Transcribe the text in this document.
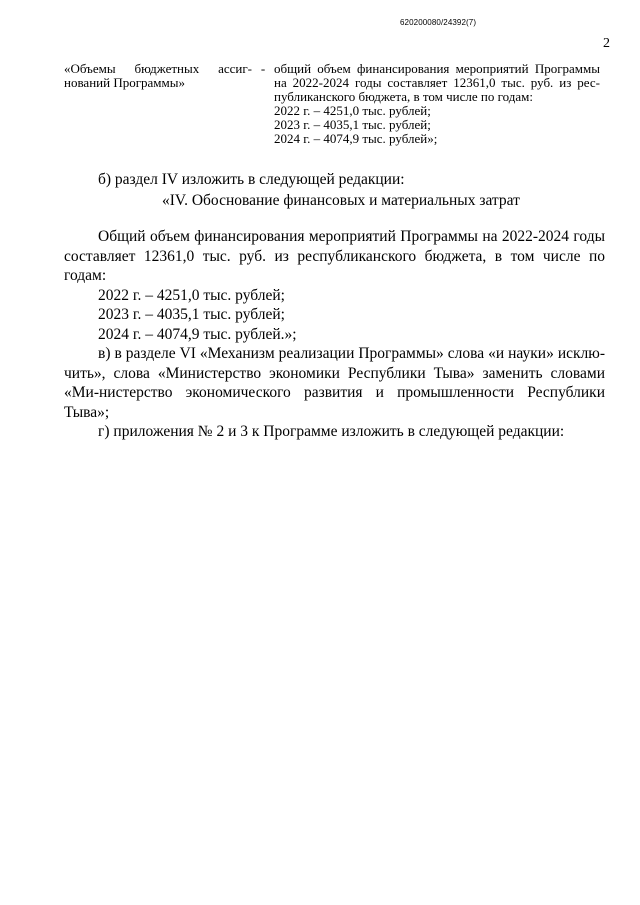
620200080/24392(7)
2
«Объемы бюджетных ассиг-нований Программы»
- общий объем финансирования мероприятий Программы на 2022-2024 годы составляет 12361,0 тыс. руб. из рес-публиканского бюджета, в том числе по годам:
2022 г. – 4251,0 тыс. рублей;
2023 г. – 4035,1 тыс. рублей;
2024 г. – 4074,9 тыс. рублей»;

б) раздел IV изложить в следующей редакции:

«IV. Обоснование финансовых и материальных затрат

Общий объем финансирования мероприятий Программы на 2022-2024 годы составляет 12361,0 тыс. руб. из республиканского бюджета, в том числе по годам:

2022 г. – 4251,0 тыс. рублей;

2023 г. – 4035,1 тыс. рублей;

2024 г. – 4074,9 тыс. рублей.»;

в) в разделе VI «Механизм реализации Программы» слова «и науки» исклю-чить», слова «Министерство экономики Республики Тыва» заменить словами «Ми-нистерство экономического развития и промышленности Республики Тыва»;

г) приложения № 2 и 3 к Программе изложить в следующей редакции:
